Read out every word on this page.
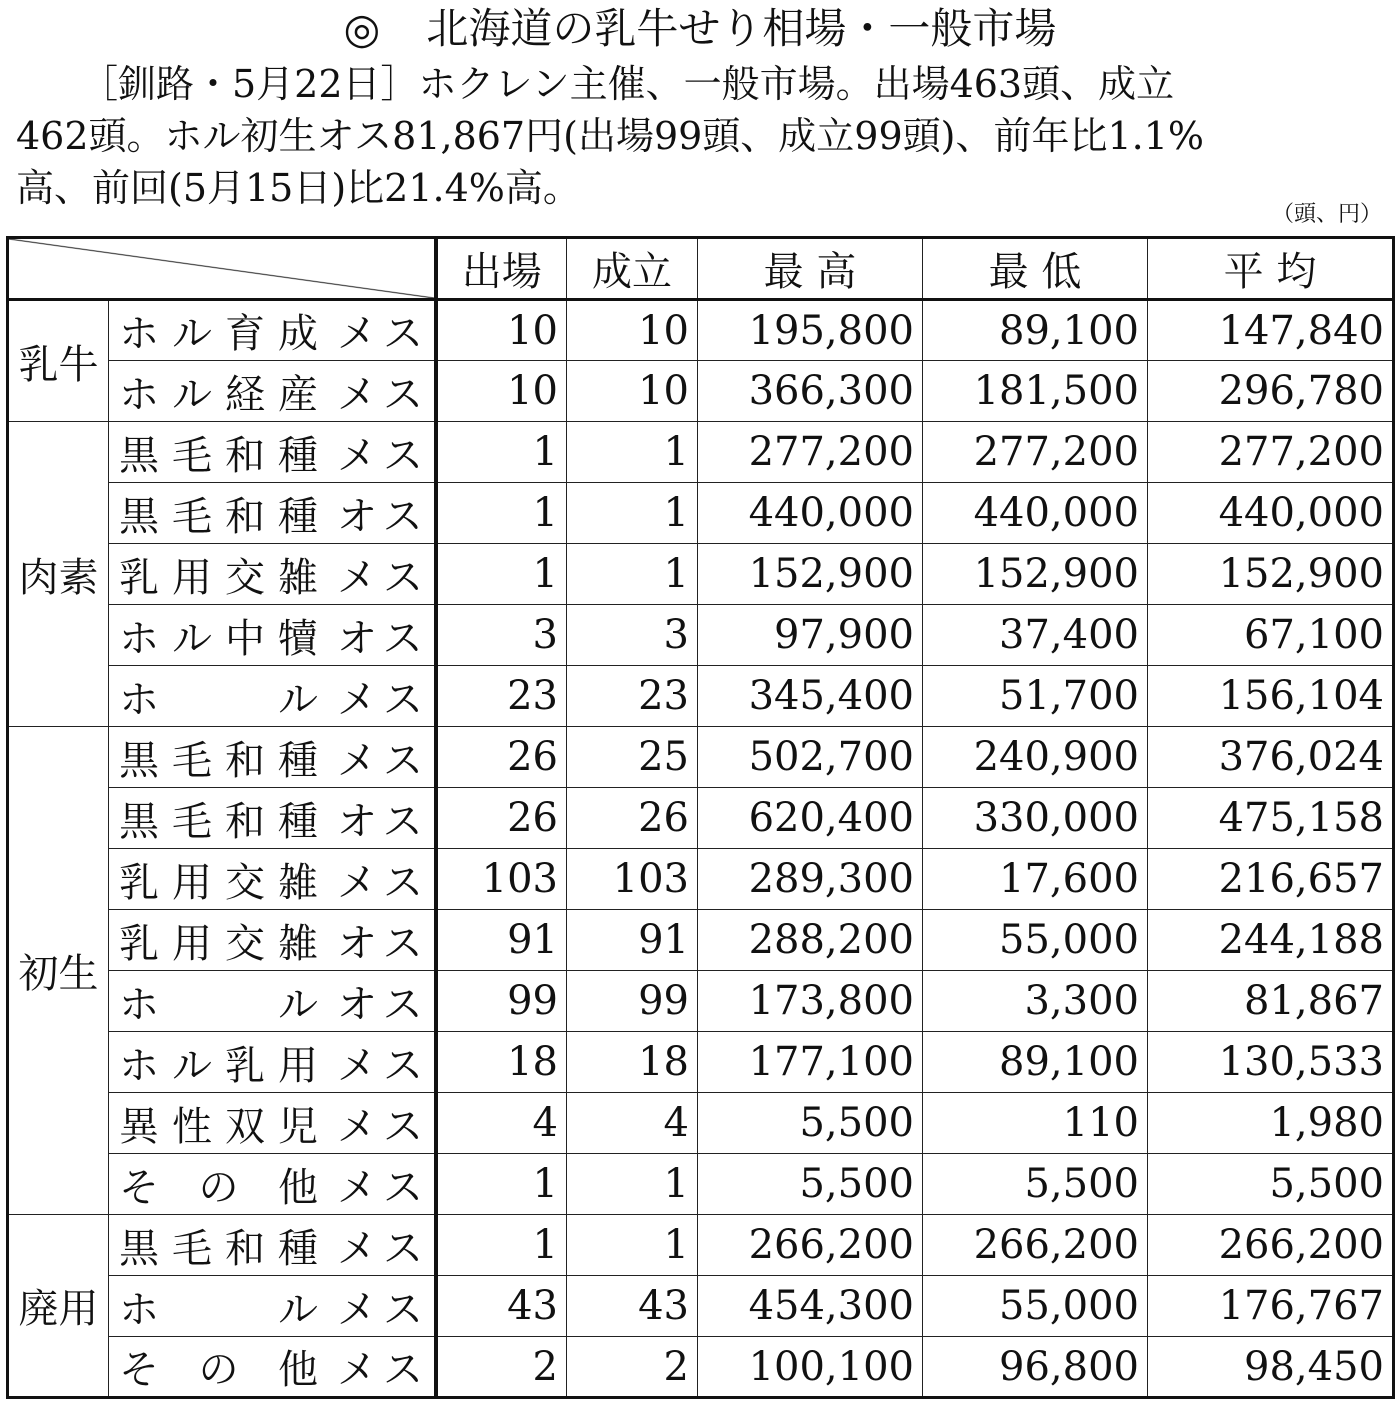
◎ 北海道の乳牛せり相場・一般市場

［釧路・5月22日］ホクレン主催、一般市場。出場463頭、成立
462頭。ホル初生オス81,867円(出場99頭、成立99頭)、前年比1.1%
高、前回(5月15日)比21.4%高。

（頭、円）
		出場	成立	最 高	最 低	平 均
乳牛	ホル育成 メス	10	10	195,800	89,100	147,840
	ホル経産 メス	10	10	366,300	181,500	296,780
肉素	黒毛和種 メス	1	1	277,200	277,200	277,200
	黒毛和種 オス	1	1	440,000	440,000	440,000
	乳用交雑 メス	1	1	152,900	152,900	152,900
	ホル中犢 オス	3	3	97,900	37,400	67,100
	ホル メス	23	23	345,400	51,700	156,104
初生	黒毛和種 メス	26	25	502,700	240,900	376,024
	黒毛和種 オス	26	26	620,400	330,000	475,158
	乳用交雑 メス	103	103	289,300	17,600	216,657
	乳用交雑 オス	91	91	288,200	55,000	244,188
	ホル オス	99	99	173,800	3,300	81,867
	ホル乳用 メス	18	18	177,100	89,100	130,533
	異性双児 メス	4	4	5,500	110	1,980
	その他 メス	1	1	5,500	5,500	5,500
廃用	黒毛和種 メス	1	1	266,200	266,200	266,200
	ホル メス	43	43	454,300	55,000	176,767
	その他 メス	2	2	100,100	96,800	98,450
